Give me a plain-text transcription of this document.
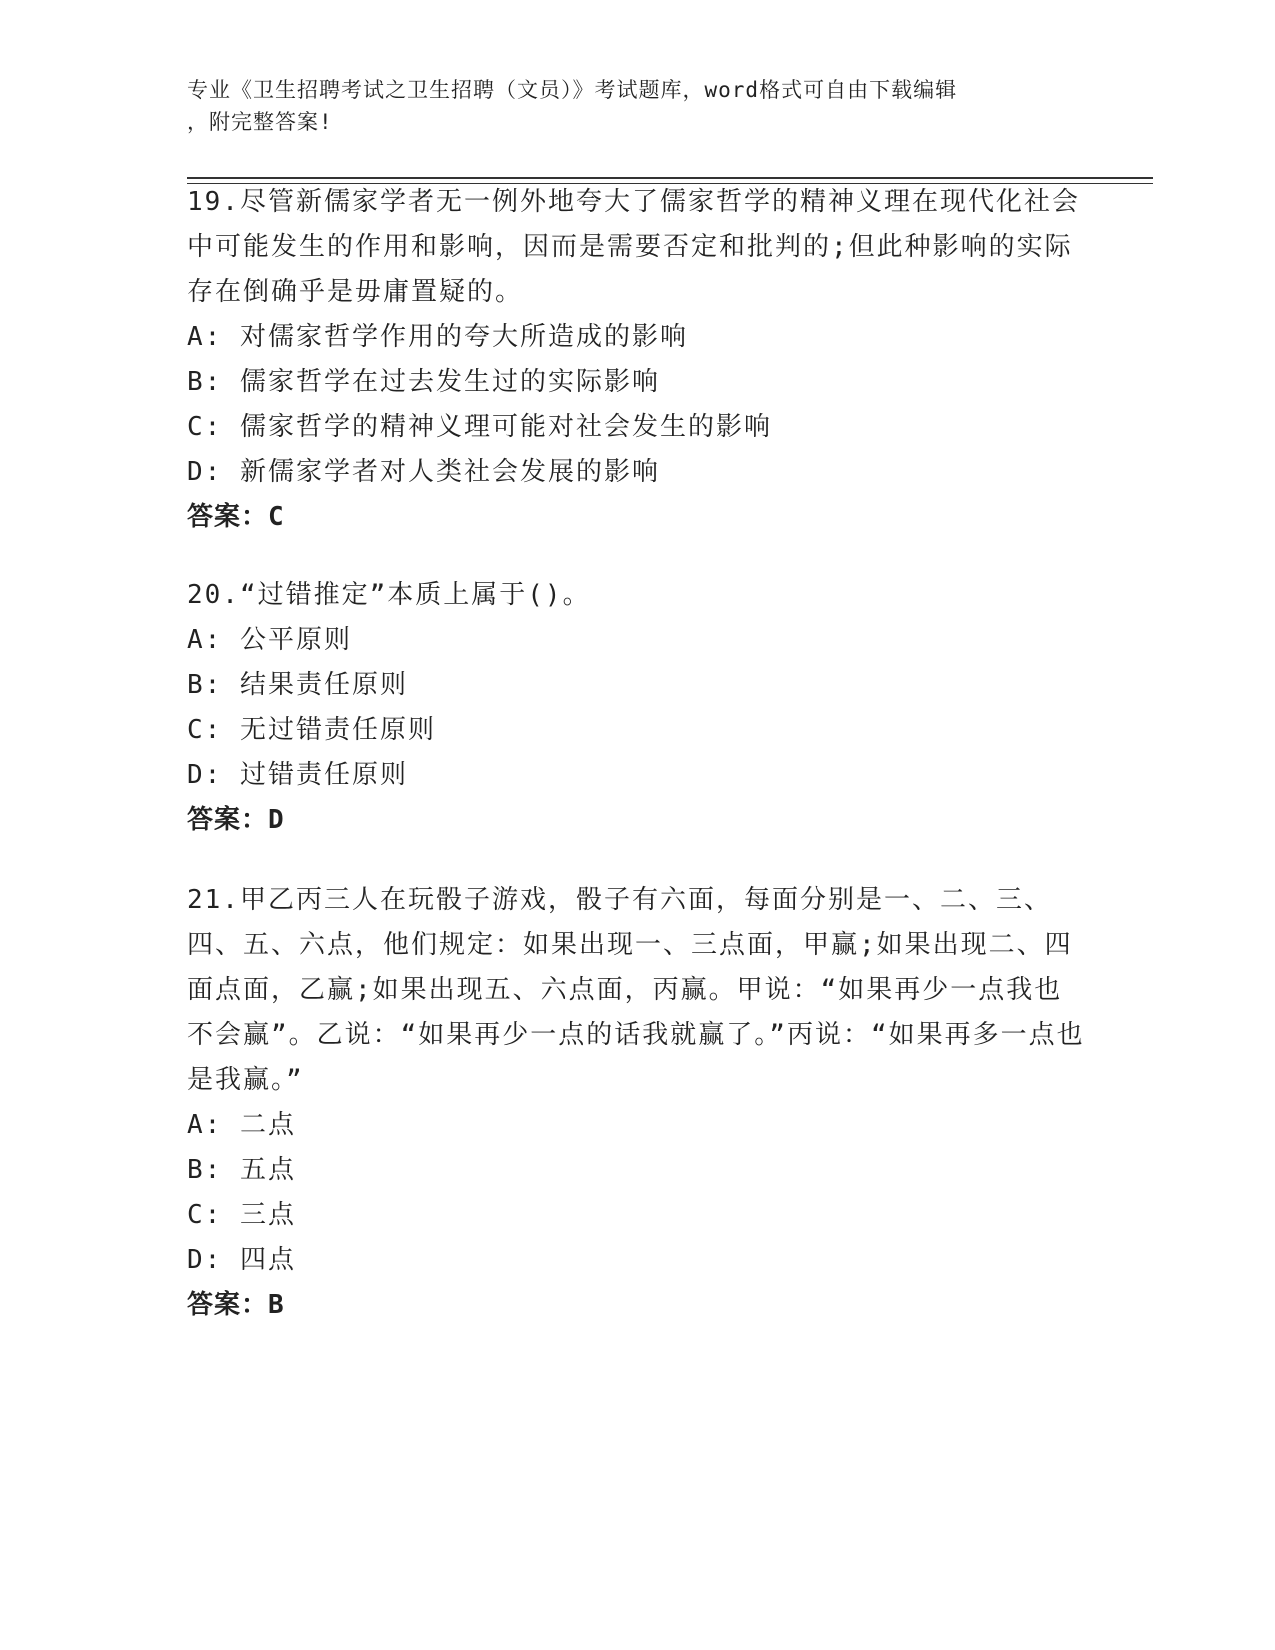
专业《卫生招聘考试之卫生招聘（文员）》考试题库，word格式可自由下载编辑
，附完整答案!
19.尽管新儒家学者无一例外地夸大了儒家哲学的精神义理在现代化社会中可能发生的作用和影响，因而是需要否定和批判的;但此种影响的实际存在倒确乎是毋庸置疑的。
A: 对儒家哲学作用的夸大所造成的影响
B: 儒家哲学在过去发生过的实际影响
C: 儒家哲学的精神义理可能对社会发生的影响
D: 新儒家学者对人类社会发展的影响
答案：C
20.“过错推定”本质上属于()。
A: 公平原则
B: 结果责任原则
C: 无过错责任原则
D: 过错责任原则
答案：D
21.甲乙丙三人在玩骰子游戏，骰子有六面，每面分别是一、二、三、四、五、六点，他们规定：如果出现一、三点面，甲赢;如果出现二、四面点面，乙赢;如果出现五、六点面，丙赢。甲说：“如果再少一点我也不会赢”。乙说：“如果再少一点的话我就赢了。”丙说：“如果再多一点也是我赢。”
A: 二点
B: 五点
C: 三点
D: 四点
答案：B
